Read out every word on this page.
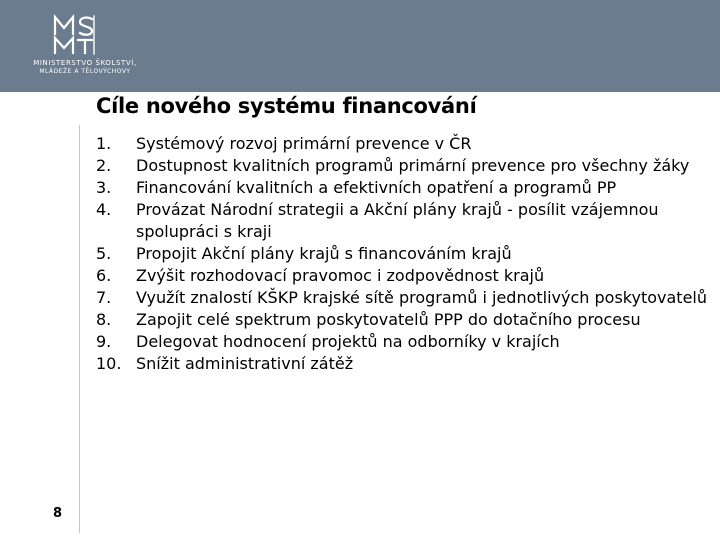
MINISTERSTVO ŠKOLSTVÍ,
MLÁDEŽE A TĚLOVÝCHOVY
Cíle nového systému financování
1. Systémový rozvoj primární prevence v ČR
2. Dostupnost kvalitních programů primární prevence pro všechny žáky
3. Financování kvalitních a efektivních opatření a programů PP
4. Provázat Národní strategii a Akční plány krajů - posílit vzájemnou spolupráci s kraji
5. Propojit Akční plány krajů s financováním krajů
6. Zvýšit rozhodovací pravomoc i zodpovědnost krajů
7. Využít znalostí KŠKP krajské sítě programů i jednotlivých poskytovatelů
8. Zapojit celé spektrum poskytovatelů PPP do dotačního procesu
9. Delegovat hodnocení projektů na odborníky v krajích
10. Snížit administrativní zátěž
8
